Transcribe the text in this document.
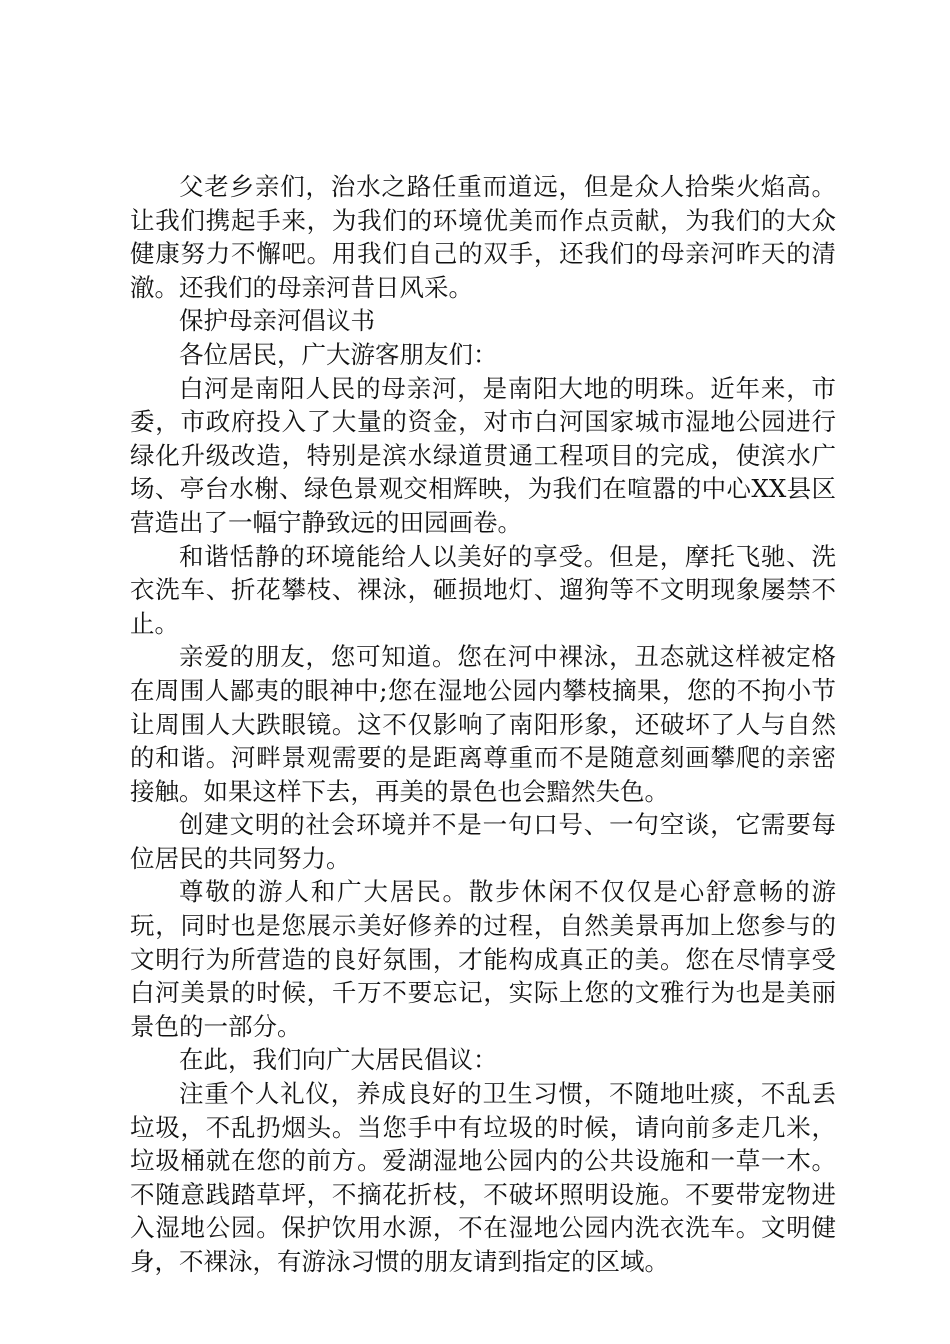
父老乡亲们，治水之路任重而道远，但是众人拾柴火焰高。让我们携起手来，为我们的环境优美而作点贡献，为我们的大众健康努力不懈吧。用我们自己的双手，还我们的母亲河昨天的清澈。还我们的母亲河昔日风采。

保护母亲河倡议书

各位居民，广大游客朋友们：

白河是南阳人民的母亲河，是南阳大地的明珠。近年来，市委，市政府投入了大量的资金，对市白河国家城市湿地公园进行绿化升级改造，特别是滨水绿道贯通工程项目的完成，使滨水广场、亭台水榭、绿色景观交相辉映，为我们在喧嚣的中心XX县区营造出了一幅宁静致远的田园画卷。

和谐恬静的环境能给人以美好的享受。但是，摩托飞驰、洗衣洗车、折花攀枝、裸泳，砸损地灯、遛狗等不文明现象屡禁不止。

亲爱的朋友，您可知道。您在河中裸泳，丑态就这样被定格在周围人鄙夷的眼神中;您在湿地公园内攀枝摘果，您的不拘小节让周围人大跌眼镜。这不仅影响了南阳形象，还破坏了人与自然的和谐。河畔景观需要的是距离尊重而不是随意刻画攀爬的亲密接触。如果这样下去，再美的景色也会黯然失色。

创建文明的社会环境并不是一句口号、一句空谈，它需要每位居民的共同努力。

尊敬的游人和广大居民。散步休闲不仅仅是心舒意畅的游玩，同时也是您展示美好修养的过程，自然美景再加上您参与的文明行为所营造的良好氛围，才能构成真正的美。您在尽情享受白河美景的时候，千万不要忘记，实际上您的文雅行为也是美丽景色的一部分。

在此，我们向广大居民倡议：

注重个人礼仪，养成良好的卫生习惯，不随地吐痰，不乱丢垃圾，不乱扔烟头。当您手中有垃圾的时候，请向前多走几米，垃圾桶就在您的前方。爱湖湿地公园内的公共设施和一草一木。不随意践踏草坪，不摘花折枝，不破坏照明设施。不要带宠物进入湿地公园。保护饮用水源，不在湿地公园内洗衣洗车。文明健身，不裸泳，有游泳习惯的朋友请到指定的区域。
